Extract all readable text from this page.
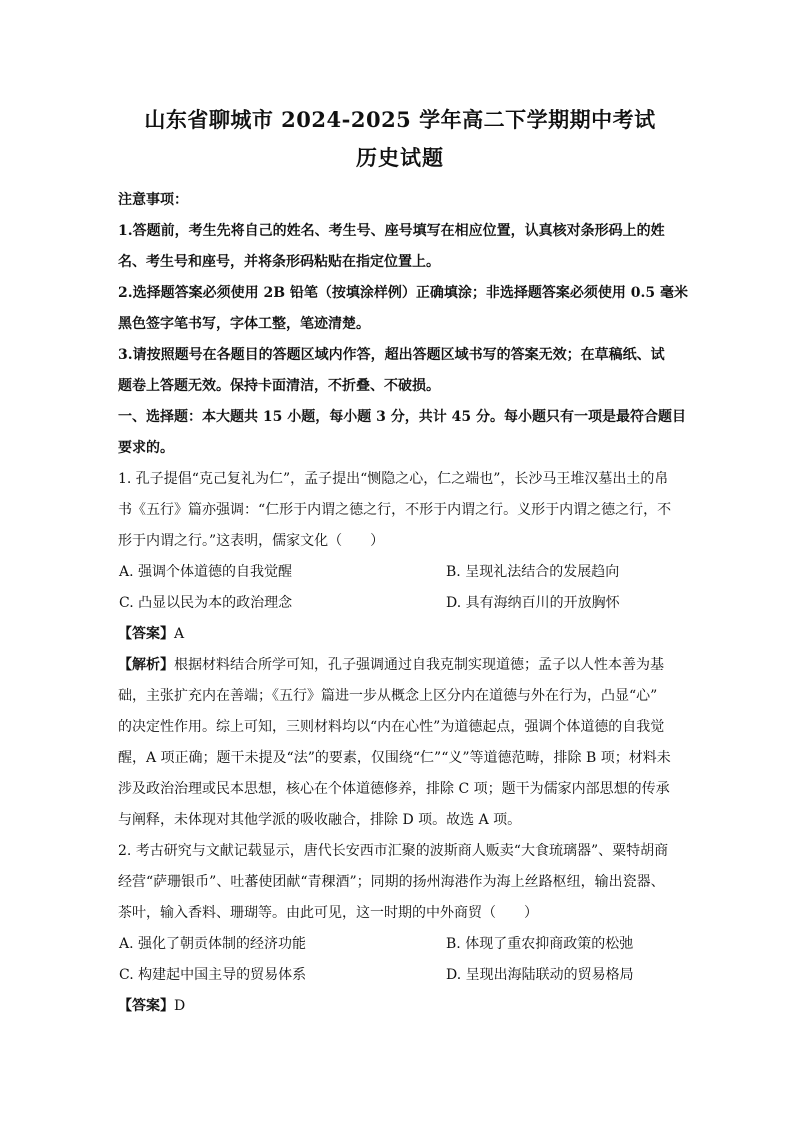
山东省聊城市 2024-2025 学年高二下学期期中考试
历史试题

注意事项：

1.答题前，考生先将自己的姓名、考生号、座号填写在相应位置，认真核对条形码上的姓

名、考生号和座号，并将条形码粘贴在指定位置上。

2.选择题答案必须使用 2B 铅笔（按填涂样例）正确填涂；非选择题答案必须使用 0.5 毫米

黑色签字笔书写，字体工整，笔迹清楚。

3.请按照题号在各题目的答题区域内作答，超出答题区域书写的答案无效；在草稿纸、试

题卷上答题无效。保持卡面清洁，不折叠、不破损。

一、选择题：本大题共 15 小题，每小题 3 分，共计 45 分。每小题只有一项是最符合题目

要求的。

1. 孔子提倡“克己复礼为仁”，孟子提出“恻隐之心，仁之端也”，长沙马王堆汉墓出土的帛

书《五行》篇亦强调：“仁形于内谓之德之行，不形于内谓之行。义形于内谓之德之行，不

形于内谓之行。”这表明，儒家文化（　　）

A. 强调个体道德的自我觉醒	B. 呈现礼法结合的发展趋向
C. 凸显以民为本的政治理念	D. 具有海纳百川的开放胸怀

【答案】A

【解析】根据材料结合所学可知，孔子强调通过自我克制实现道德；孟子以人性本善为基

础，主张扩充内在善端；《五行》篇进一步从概念上区分内在道德与外在行为，凸显“心”

的决定性作用。综上可知，三则材料均以“内在心性”为道德起点，强调个体道德的自我觉

醒，A 项正确；题干未提及“法”的要素，仅围绕“仁”“义”等道德范畴，排除 B 项；材料未

涉及政治治理或民本思想，核心在个体道德修养，排除 C 项；题干为儒家内部思想的传承

与阐释，未体现对其他学派的吸收融合，排除 D 项。故选 A 项。

2. 考古研究与文献记载显示，唐代长安西市汇聚的波斯商人贩卖“大食琉璃器”、粟特胡商

经营“萨珊银币”、吐蕃使团献“青稞酒”；同期的扬州海港作为海上丝路枢纽，输出瓷器、

茶叶，输入香料、珊瑚等。由此可见，这一时期的中外商贸（　　）

A. 强化了朝贡体制的经济功能	B. 体现了重农抑商政策的松弛
C. 构建起中国主导的贸易体系	D. 呈现出海陆联动的贸易格局

【答案】D
